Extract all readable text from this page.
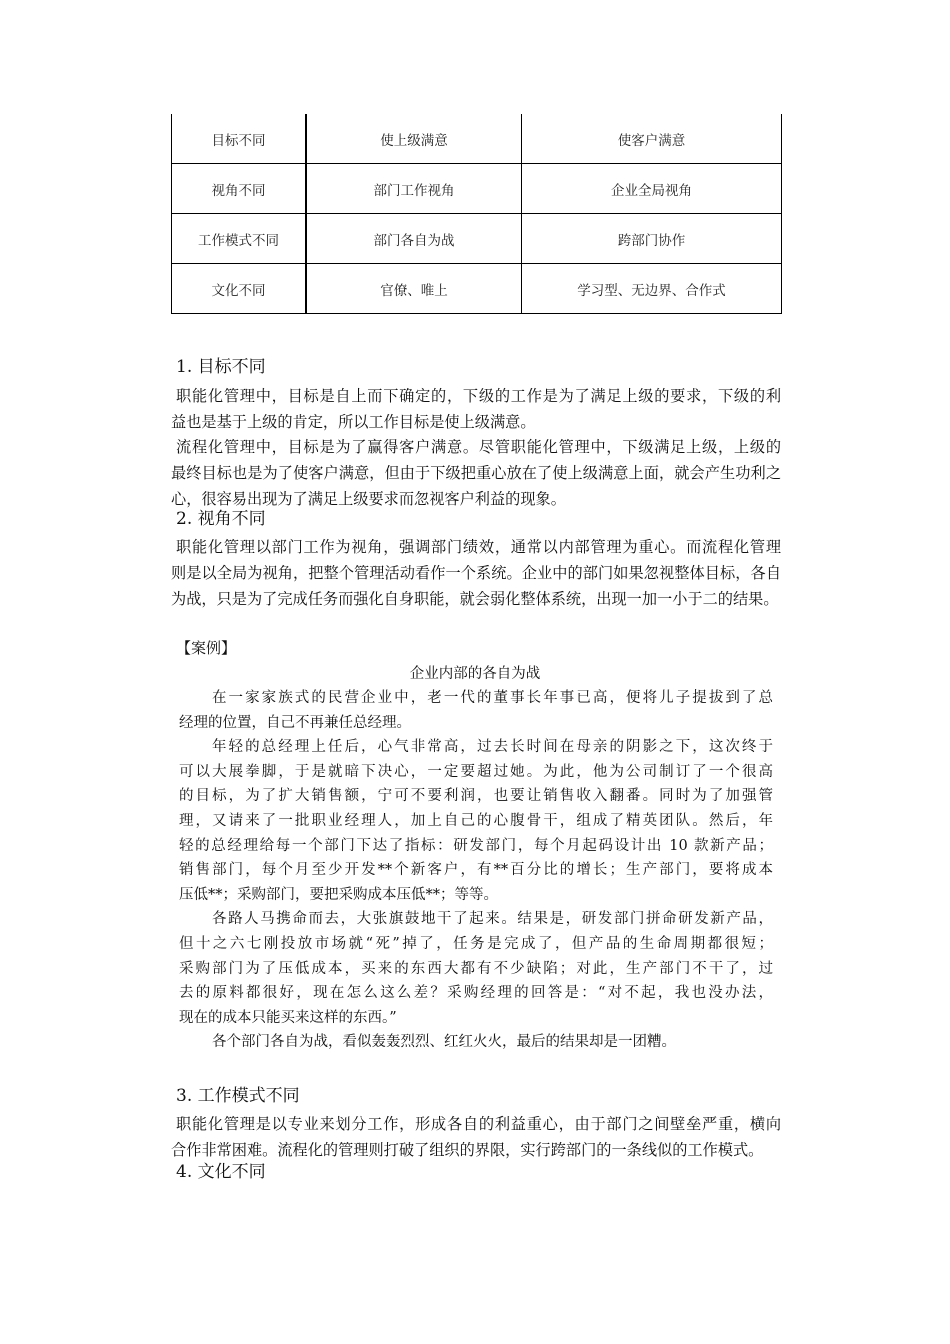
目标不同	使上级满意	使客户满意
视角不同	部门工作视角	企业全局视角
工作模式不同	部门各自为战	跨部门协作
文化不同	官僚、唯上	学习型、无边界、合作式
1. 目标不同
职能化管理中，目标是自上而下确定的，下级的工作是为了满足上级的要求，下级的利
益也是基于上级的肯定，所以工作目标是使上级满意。
流程化管理中，目标是为了赢得客户满意。尽管职能化管理中，下级满足上级，上级的
最终目标也是为了使客户满意，但由于下级把重心放在了使上级满意上面，就会产生功利之
心，很容易出现为了满足上级要求而忽视客户利益的现象。
2. 视角不同
职能化管理以部门工作为视角，强调部门绩效，通常以内部管理为重心。而流程化管理
则是以全局为视角，把整个管理活动看作一个系统。企业中的部门如果忽视整体目标，各自
为战，只是为了完成任务而强化自身职能，就会弱化整体系统，出现一加一小于二的结果。
【案例】
企业内部的各自为战
在一家家族式的民营企业中，老一代的董事长年事已高，便将儿子提拔到了总
经理的位置，自己不再兼任总经理。
年轻的总经理上任后，心气非常高，过去长时间在母亲的阴影之下，这次终于
可以大展拳脚，于是就暗下决心，一定要超过她。为此，他为公司制订了一个很高
的目标，为了扩大销售额，宁可不要利润，也要让销售收入翻番。同时为了加强管
理，又请来了一批职业经理人，加上自己的心腹骨干，组成了精英团队。然后，年
轻的总经理给每一个部门下达了指标：研发部门，每个月起码设计出 10 款新产品；
销售部门，每个月至少开发**个新客户，有**百分比的增长；生产部门，要将成本
压低**；采购部门，要把采购成本压低**；等等。
各路人马携命而去，大张旗鼓地干了起来。结果是，研发部门拼命研发新产品，
但十之六七刚投放市场就“死”掉了，任务是完成了，但产品的生命周期都很短；
采购部门为了压低成本，买来的东西大都有不少缺陷；对此，生产部门不干了，过
去的原料都很好，现在怎么这么差？采购经理的回答是：“对不起，我也没办法，
现在的成本只能买来这样的东西。”
各个部门各自为战，看似轰轰烈烈、红红火火，最后的结果却是一团糟。
3. 工作模式不同
职能化管理是以专业来划分工作，形成各自的利益重心，由于部门之间壁垒严重，横向
合作非常困难。流程化的管理则打破了组织的界限，实行跨部门的一条线似的工作模式。
4. 文化不同
